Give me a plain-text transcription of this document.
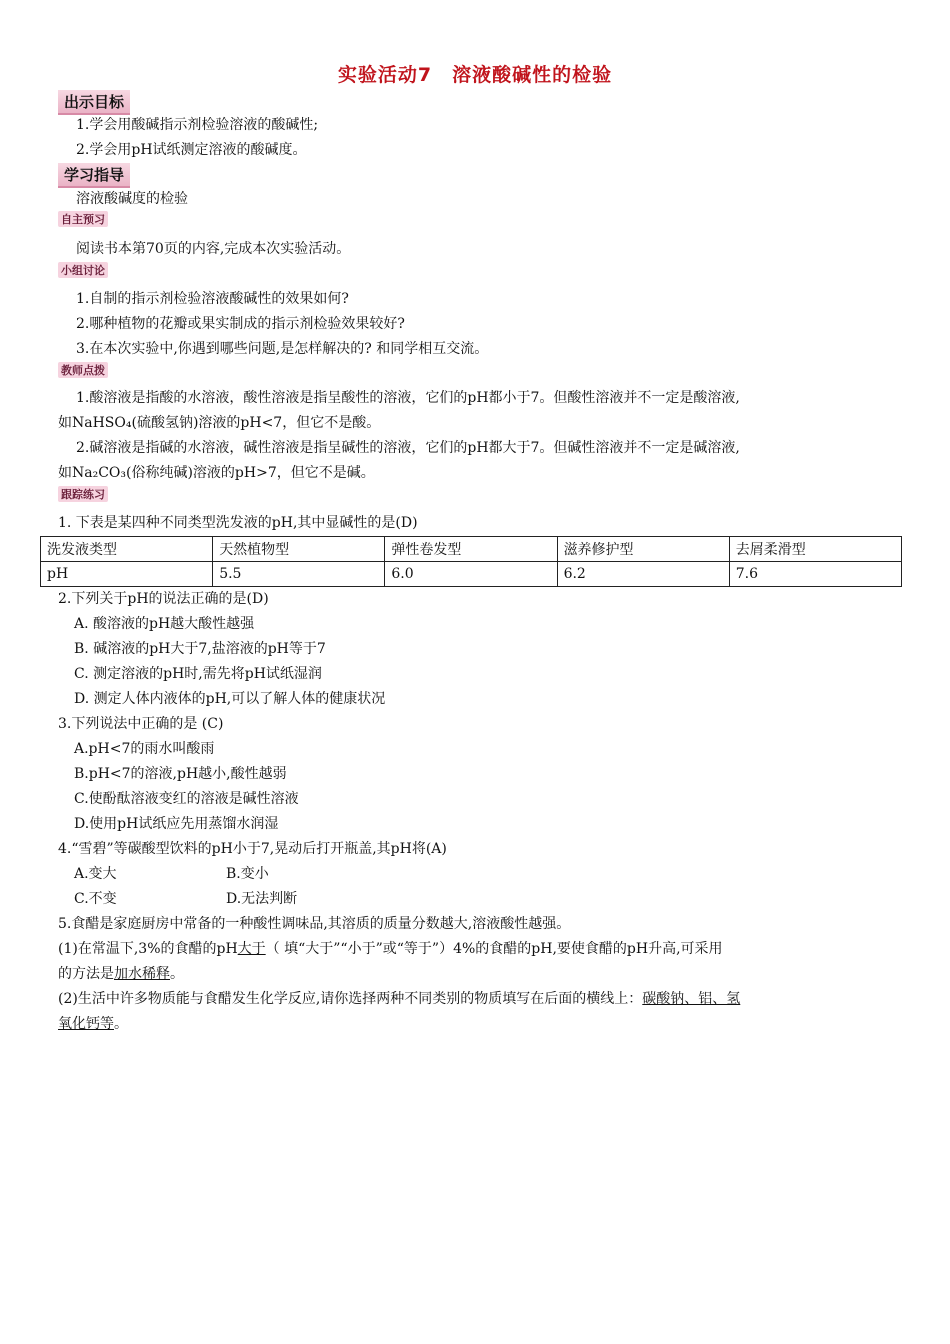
实验活动7　溶液酸碱性的检验
出示目标
1.学会用酸碱指示剂检验溶液的酸碱性;
2.学会用pH试纸测定溶液的酸碱度。
学习指导
溶液酸碱度的检验
自主预习
阅读书本第70页的内容,完成本次实验活动。
小组讨论
1.自制的指示剂检验溶液酸碱性的效果如何?
2.哪种植物的花瓣或果实制成的指示剂检验效果较好?
3.在本次实验中,你遇到哪些问题,是怎样解决的? 和同学相互交流。
教师点拨
1.酸溶液是指酸的水溶液，酸性溶液是指呈酸性的溶液，它们的pH都小于7。但酸性溶液并不一定是酸溶液,
如NaHSO₄(硫酸氢钠)溶液的pH<7，但它不是酸。
2.碱溶液是指碱的水溶液，碱性溶液是指呈碱性的溶液，它们的pH都大于7。但碱性溶液并不一定是碱溶液,
如Na₂CO₃(俗称纯碱)溶液的pH>7，但它不是碱。
跟踪练习
1. 下表是某四种不同类型洗发液的pH,其中显碱性的是(D)
洗发液类型	天然植物型	弹性卷发型	滋养修护型	去屑柔滑型
pH	5.5	6.0	6.2	7.6
2.下列关于pH的说法正确的是(D)
A. 酸溶液的pH越大酸性越强
B. 碱溶液的pH大于7,盐溶液的pH等于7
C. 测定溶液的pH时,需先将pH试纸湿润
D. 测定人体内液体的pH,可以了解人体的健康状况
3.下列说法中正确的是 (C)
A.pH<7的雨水叫酸雨
B.pH<7的溶液,pH越小,酸性越弱
C.使酚酞溶液变红的溶液是碱性溶液
D.使用pH试纸应先用蒸馏水润湿
4.“雪碧”等碳酸型饮料的pH小于7,晃动后打开瓶盖,其pH将(A)
A.变大	B.变小
C.不变	D.无法判断
5.食醋是家庭厨房中常备的一种酸性调味品,其溶质的质量分数越大,溶液酸性越强。
(1)在常温下,3%的食醋的pH大于（ 填“大于”“小于”或“等于”）4%的食醋的pH,要使食醋的pH升高,可采用
的方法是加水稀释。
(2)生活中许多物质能与食醋发生化学反应,请你选择两种不同类别的物质填写在后面的横线上：碳酸钠、铝、氢
氧化钙等。
